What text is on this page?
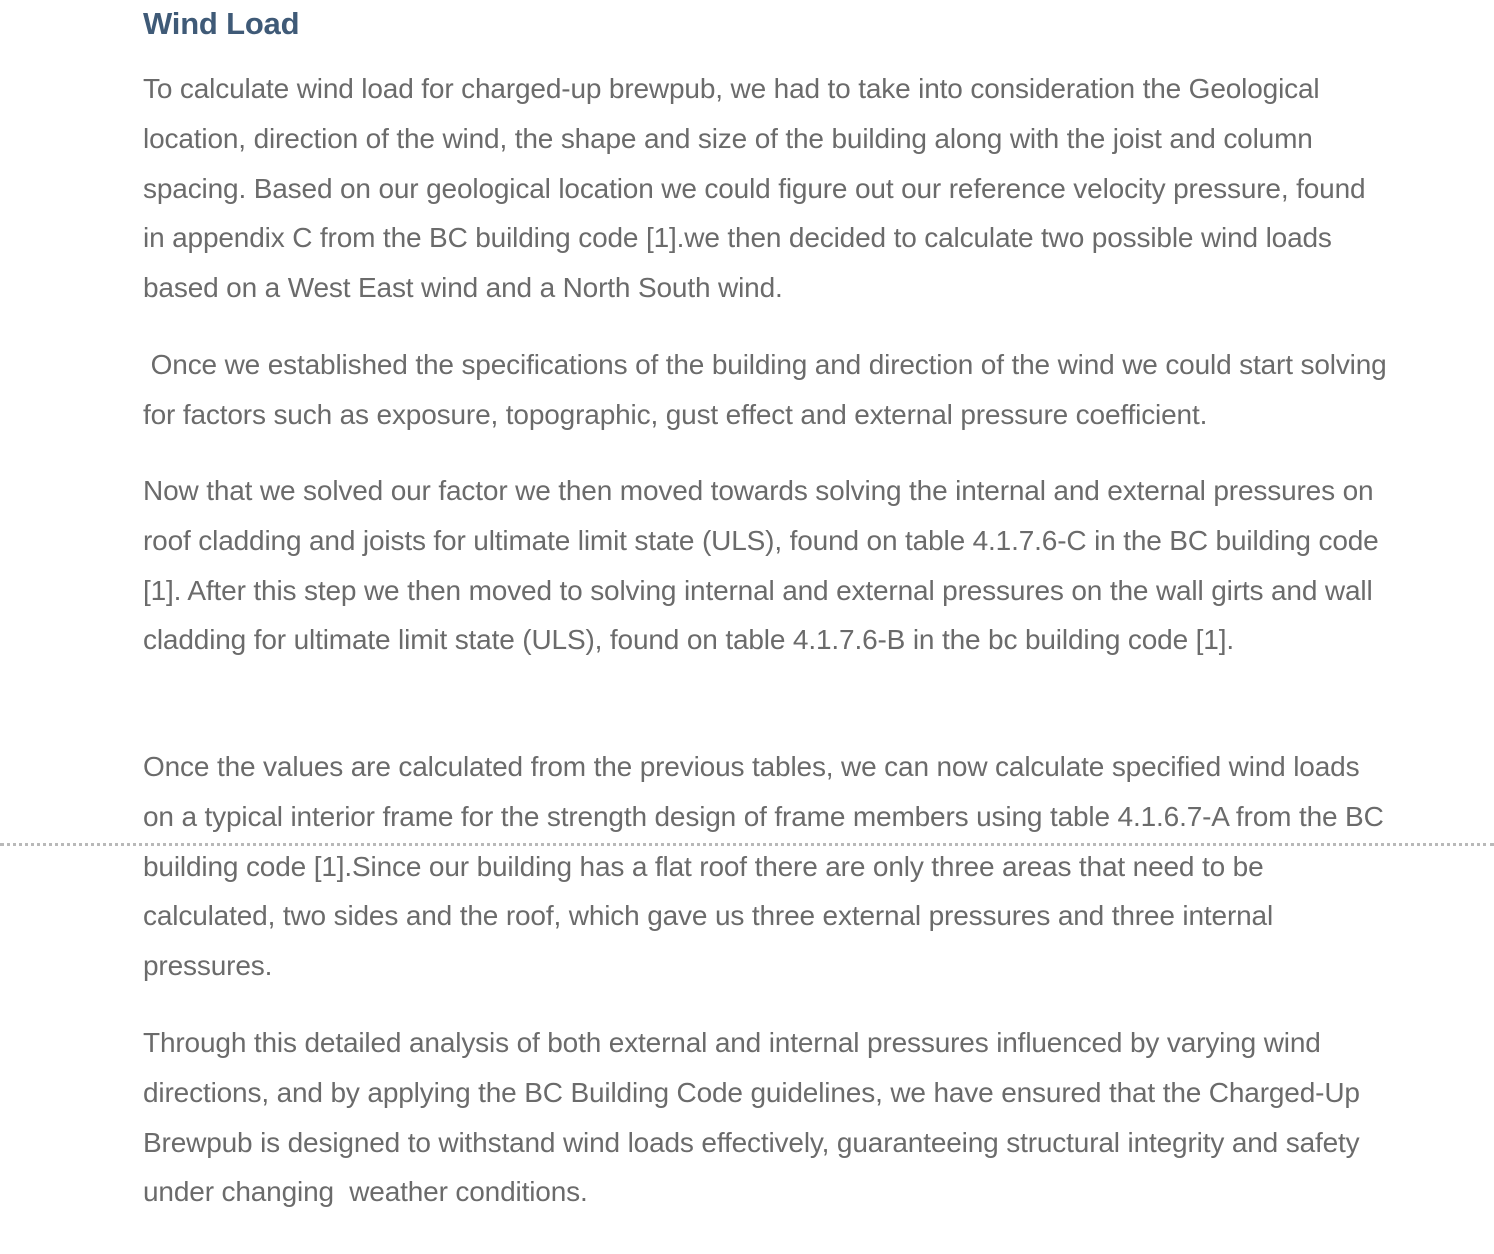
Wind Load

To calculate wind load for charged-up brewpub, we had to take into consideration the Geological location, direction of the wind, the shape and size of the building along with the joist and column spacing. Based on our geological location we could figure out our reference velocity pressure, found in appendix C from the BC building code [1].we then decided to calculate two possible wind loads based on a West East wind and a North South wind.

Once we established the specifications of the building and direction of the wind we could start solving for factors such as exposure, topographic, gust effect and external pressure coefficient.

Now that we solved our factor we then moved towards solving the internal and external pressures on roof cladding and joists for ultimate limit state (ULS), found on table 4.1.7.6-C in the BC building code [1]. After this step we then moved to solving internal and external pressures on the wall girts and wall cladding for ultimate limit state (ULS), found on table 4.1.7.6-B in the bc building code [1].

Once the values are calculated from the previous tables, we can now calculate specified wind loads on a typical interior frame for the strength design of frame members using table 4.1.6.7-A from the BC building code [1].Since our building has a flat roof there are only three areas that need to be calculated, two sides and the roof, which gave us three external pressures and three internal pressures.

Through this detailed analysis of both external and internal pressures influenced by varying wind directions, and by applying the BC Building Code guidelines, we have ensured that the Charged-Up Brewpub is designed to withstand wind loads effectively, guaranteeing structural integrity and safety under changing  weather conditions.
